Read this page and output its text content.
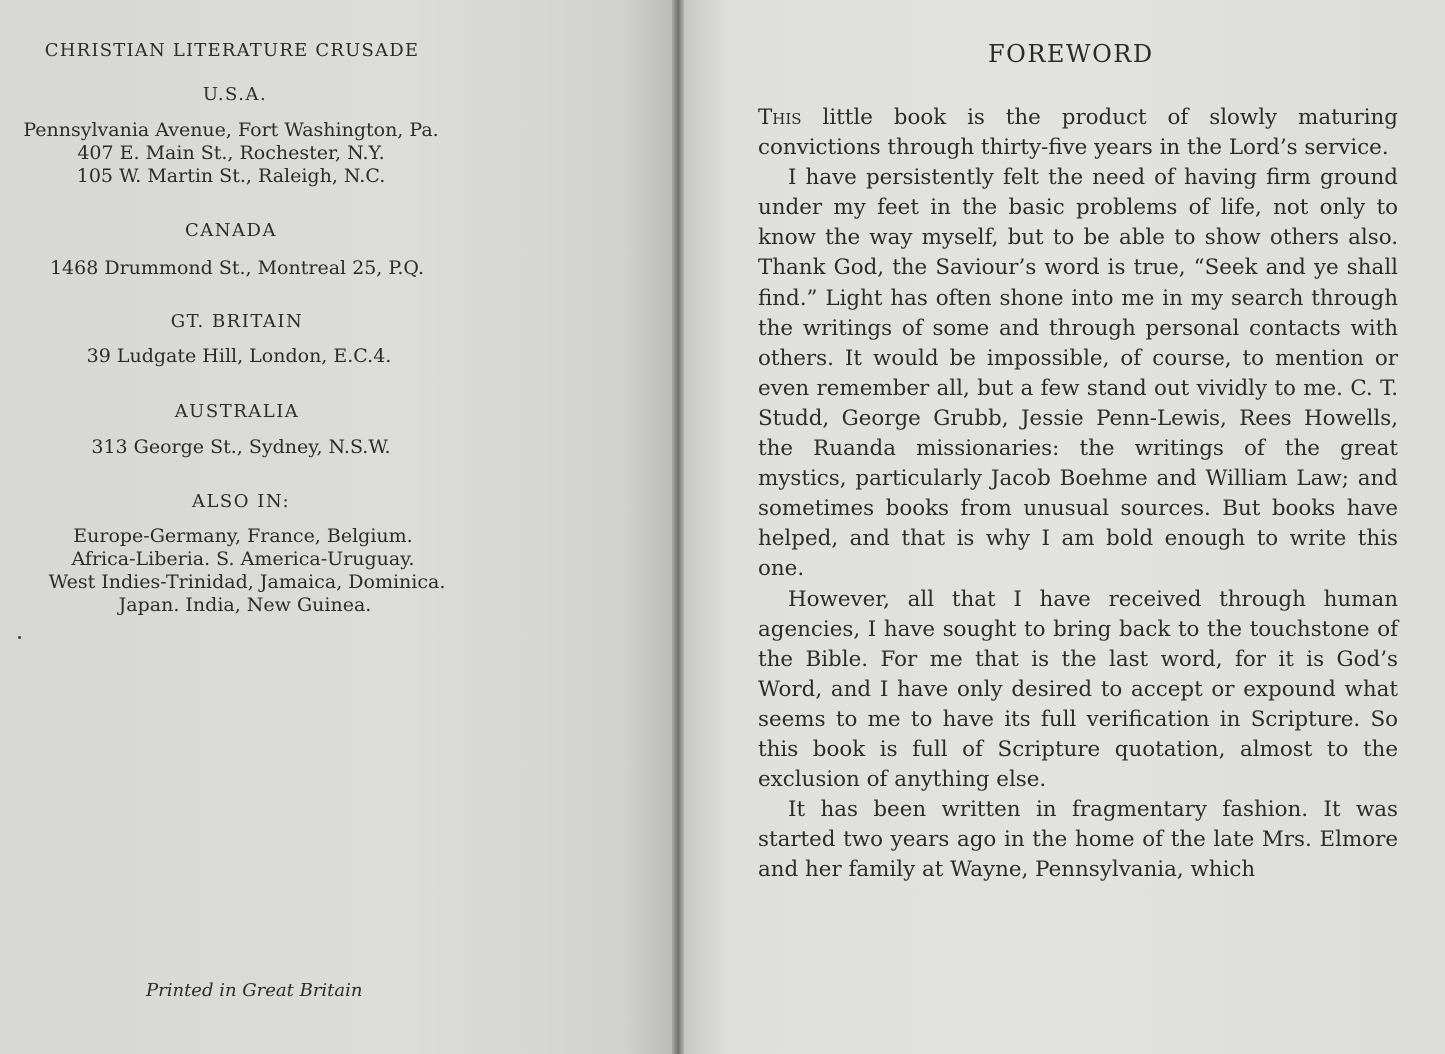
CHRISTIAN LITERATURE CRUSADE
U.S.A.
Pennsylvania Avenue, Fort Washington, Pa.
407 E. Main St., Rochester, N.Y.
105 W. Martin St., Raleigh, N.C.
CANADA
1468 Drummond St., Montreal 25, P.Q.
GT. BRITAIN
39 Ludgate Hill, London, E.C.4.
AUSTRALIA
313 George St., Sydney, N.S.W.
ALSO IN:
Europe-Germany, France, Belgium.
Africa-Liberia. S. America-Uruguay.
West Indies-Trinidad, Jamaica, Dominica.
Japan. India, New Guinea.
Printed in Great Britain
FOREWORD

This little book is the product of slowly maturing convictions through thirty-five years in the Lord’s service.

I have persistently felt the need of having firm ground under my feet in the basic problems of life, not only to know the way myself, but to be able to show others also. Thank God, the Saviour’s word is true, “Seek and ye shall find.” Light has often shone into me in my search through the writings of some and through personal contacts with others. It would be impossible, of course, to mention or even remember all, but a few stand out vividly to me. C. T. Studd, George Grubb, Jessie Penn-Lewis, Rees Howells, the Ruanda missionaries: the writings of the great mystics, particularly Jacob Boehme and William Law; and sometimes books from unusual sources. But books have helped, and that is why I am bold enough to write this one.

However, all that I have received through human agencies, I have sought to bring back to the touchstone of the Bible. For me that is the last word, for it is God’s Word, and I have only desired to accept or expound what seems to me to have its full verification in Scripture. So this book is full of Scripture quotation, almost to the exclusion of anything else.

It has been written in fragmentary fashion. It was started two years ago in the home of the late Mrs. Elmore and her family at Wayne, Pennsylvania, which
